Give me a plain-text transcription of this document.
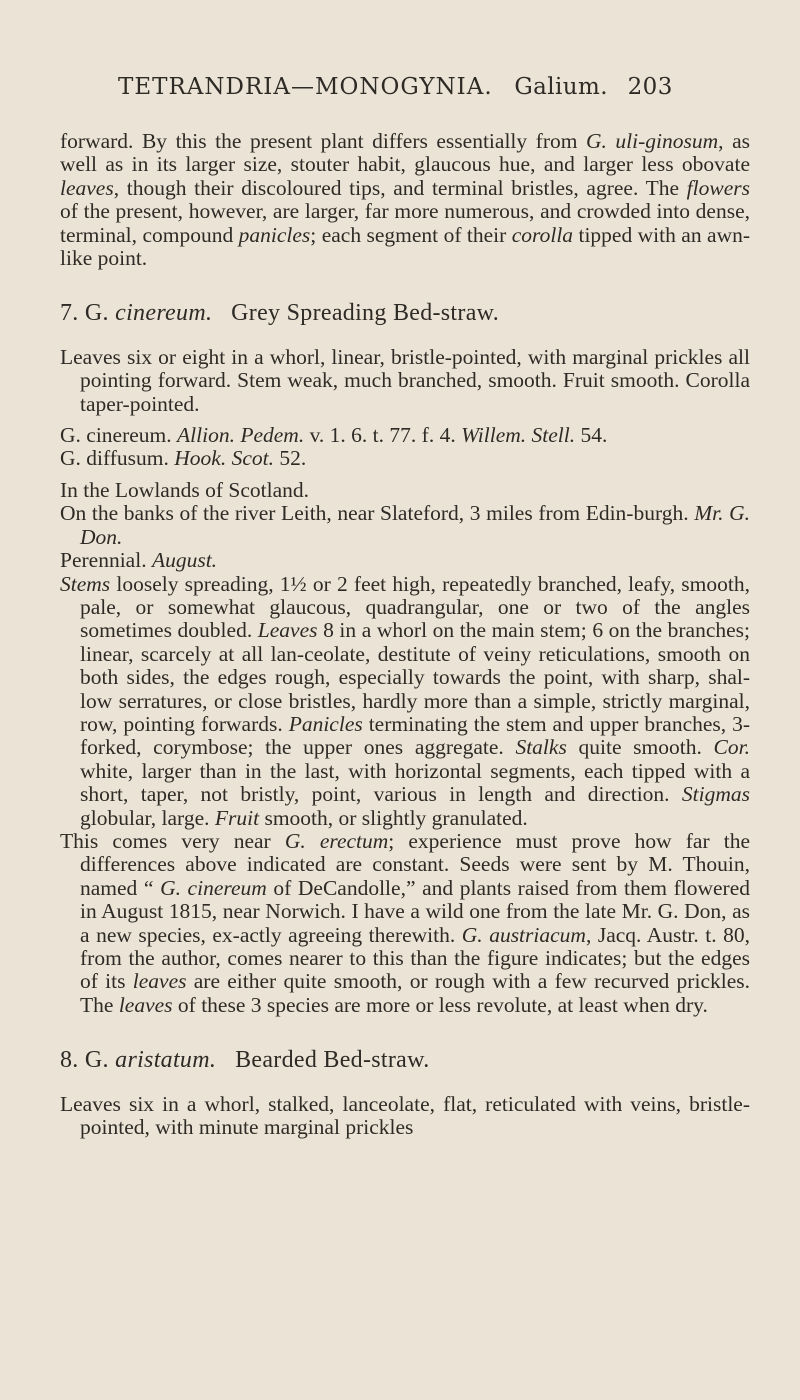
TETRANDRIA—MONOGYNIA. Galium. 203

forward. By this the present plant differs essentially from G. uli-ginosum, as well as in its larger size, stouter habit, glaucous hue, and larger less obovate leaves, though their discoloured tips, and terminal bristles, agree. The flowers of the present, however, are larger, far more numerous, and crowded into dense, terminal, compound panicles; each segment of their corolla tipped with an awn-like point.

7. G. cinereum. Grey Spreading Bed-straw.

Leaves six or eight in a whorl, linear, bristle-pointed, with marginal prickles all pointing forward. Stem weak, much branched, smooth. Fruit smooth. Corolla taper-pointed.

G. cinereum. Allion. Pedem. v. 1. 6. t. 77. f. 4. Willem. Stell. 54.

G. diffusum. Hook. Scot. 52.

In the Lowlands of Scotland.

On the banks of the river Leith, near Slateford, 3 miles from Edin-burgh. Mr. G. Don.

Perennial. August.

Stems loosely spreading, 1½ or 2 feet high, repeatedly branched, leafy, smooth, pale, or somewhat glaucous, quadrangular, one or two of the angles sometimes doubled. Leaves 8 in a whorl on the main stem; 6 on the branches; linear, scarcely at all lan-ceolate, destitute of veiny reticulations, smooth on both sides, the edges rough, especially towards the point, with sharp, shal-low serratures, or close bristles, hardly more than a simple, strictly marginal, row, pointing forwards. Panicles terminating the stem and upper branches, 3-forked, corymbose; the upper ones aggregate. Stalks quite smooth. Cor. white, larger than in the last, with horizontal segments, each tipped with a short, taper, not bristly, point, various in length and direction. Stigmas globular, large. Fruit smooth, or slightly granulated.

This comes very near G. erectum; experience must prove how far the differences above indicated are constant. Seeds were sent by M. Thouin, named “ G. cinereum of DeCandolle,” and plants raised from them flowered in August 1815, near Norwich. I have a wild one from the late Mr. G. Don, as a new species, ex-actly agreeing therewith. G. austriacum, Jacq. Austr. t. 80, from the author, comes nearer to this than the figure indicates; but the edges of its leaves are either quite smooth, or rough with a few recurved prickles. The leaves of these 3 species are more or less revolute, at least when dry.

8. G. aristatum. Bearded Bed-straw.

Leaves six in a whorl, stalked, lanceolate, flat, reticulated with veins, bristle-pointed, with minute marginal prickles
